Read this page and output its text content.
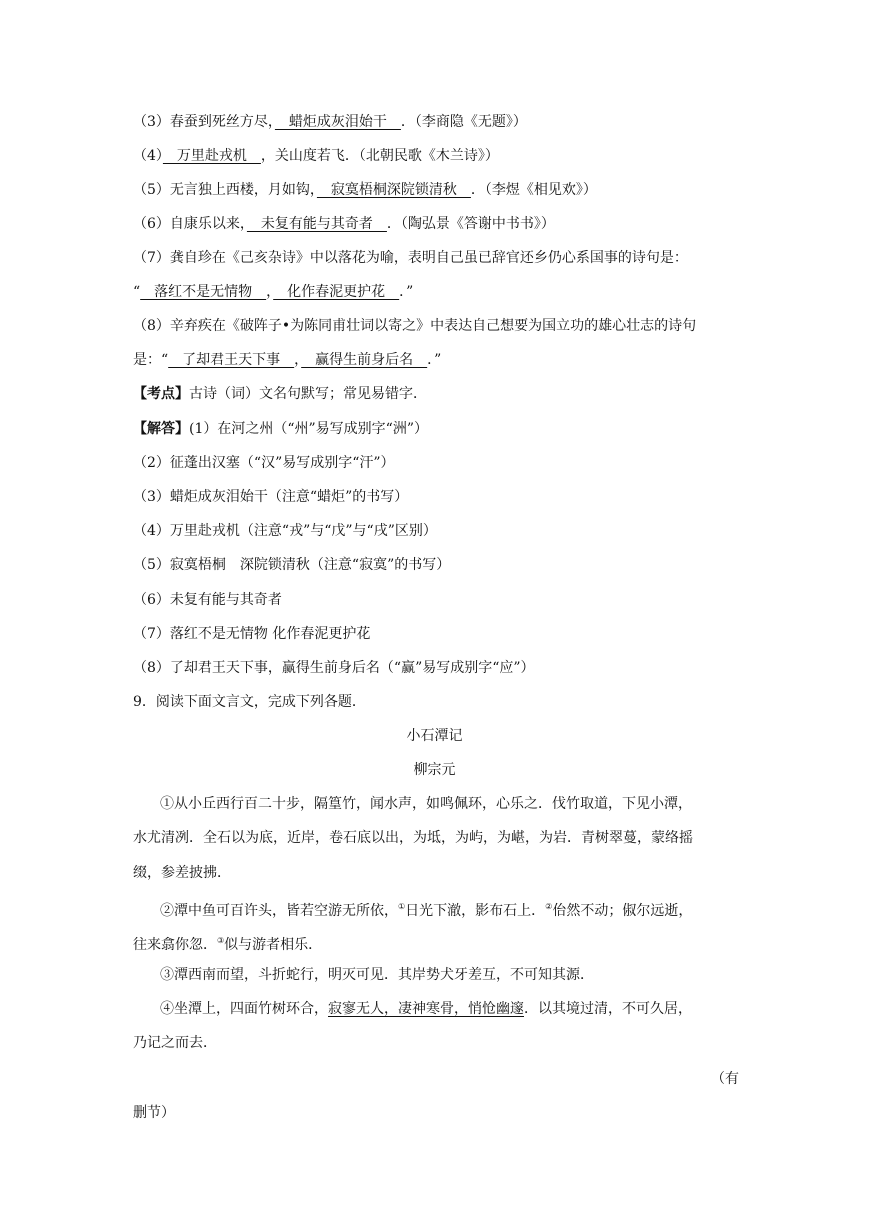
（3）春蚕到死丝方尽，　蜡炬成灰泪始干　．（李商隐《无题》）
（4）　万里赴戎机　，关山度若飞．（北朝民歌《木兰诗》）
（5）无言独上西楼，月如钩，　寂寞梧桐深院锁清秋　．（李煜《相见欢》）
（6）自康乐以来，　未复有能与其奇者　．（陶弘景《答谢中书书》）
（7）龚自珍在《己亥杂诗》中以落花为喻，表明自己虽已辞官还乡仍心系国事的诗句是：
“　落红不是无情物　，　化作春泥更护花　．”
（8）辛弃疾在《破阵子•为陈同甫壮词以寄之》中表达自己想要为国立功的雄心壮志的诗句
是：“　了却君王天下事　，　赢得生前身后名　．”
【考点】古诗（词）文名句默写；常见易错字．
【解答】(1）在河之州（“州”易写成别字“洲”）
（2）征蓬出汉塞（“汉”易写成别字“汗”）
（3）蜡炬成灰泪始干（注意“蜡炬”的书写）
（4）万里赴戎机（注意“戎”与“戊”与“戌”区别）
（5）寂寞梧桐　深院锁清秋（注意“寂寞”的书写）
（6）未复有能与其奇者
（7）落红不是无情物 化作春泥更护花
（8）了却君王天下事，赢得生前身后名（“赢”易写成别字“应”）
9．阅读下面文言文，完成下列各题．
小石潭记
柳宗元
①从小丘西行百二十步，隔篁竹，闻水声，如鸣佩环，心乐之．伐竹取道，下见小潭，
水尤清冽．全石以为底，近岸，卷石底以出，为坻，为屿，为嵁，为岩．青树翠蔓，蒙络摇
缀，参差披拂．
②潭中鱼可百许头，皆若空游无所依，①日光下澈，影布石上．②佁然不动；俶尔远逝，
往来翕你忽．③似与游者相乐．
③潭西南而望，斗折蛇行，明灭可见．其岸势犬牙差互，不可知其源．
④坐潭上，四面竹树环合，寂寥无人，凄神寒骨，悄怆幽邃．以其境过清，不可久居，
乃记之而去．
（有
删节）
